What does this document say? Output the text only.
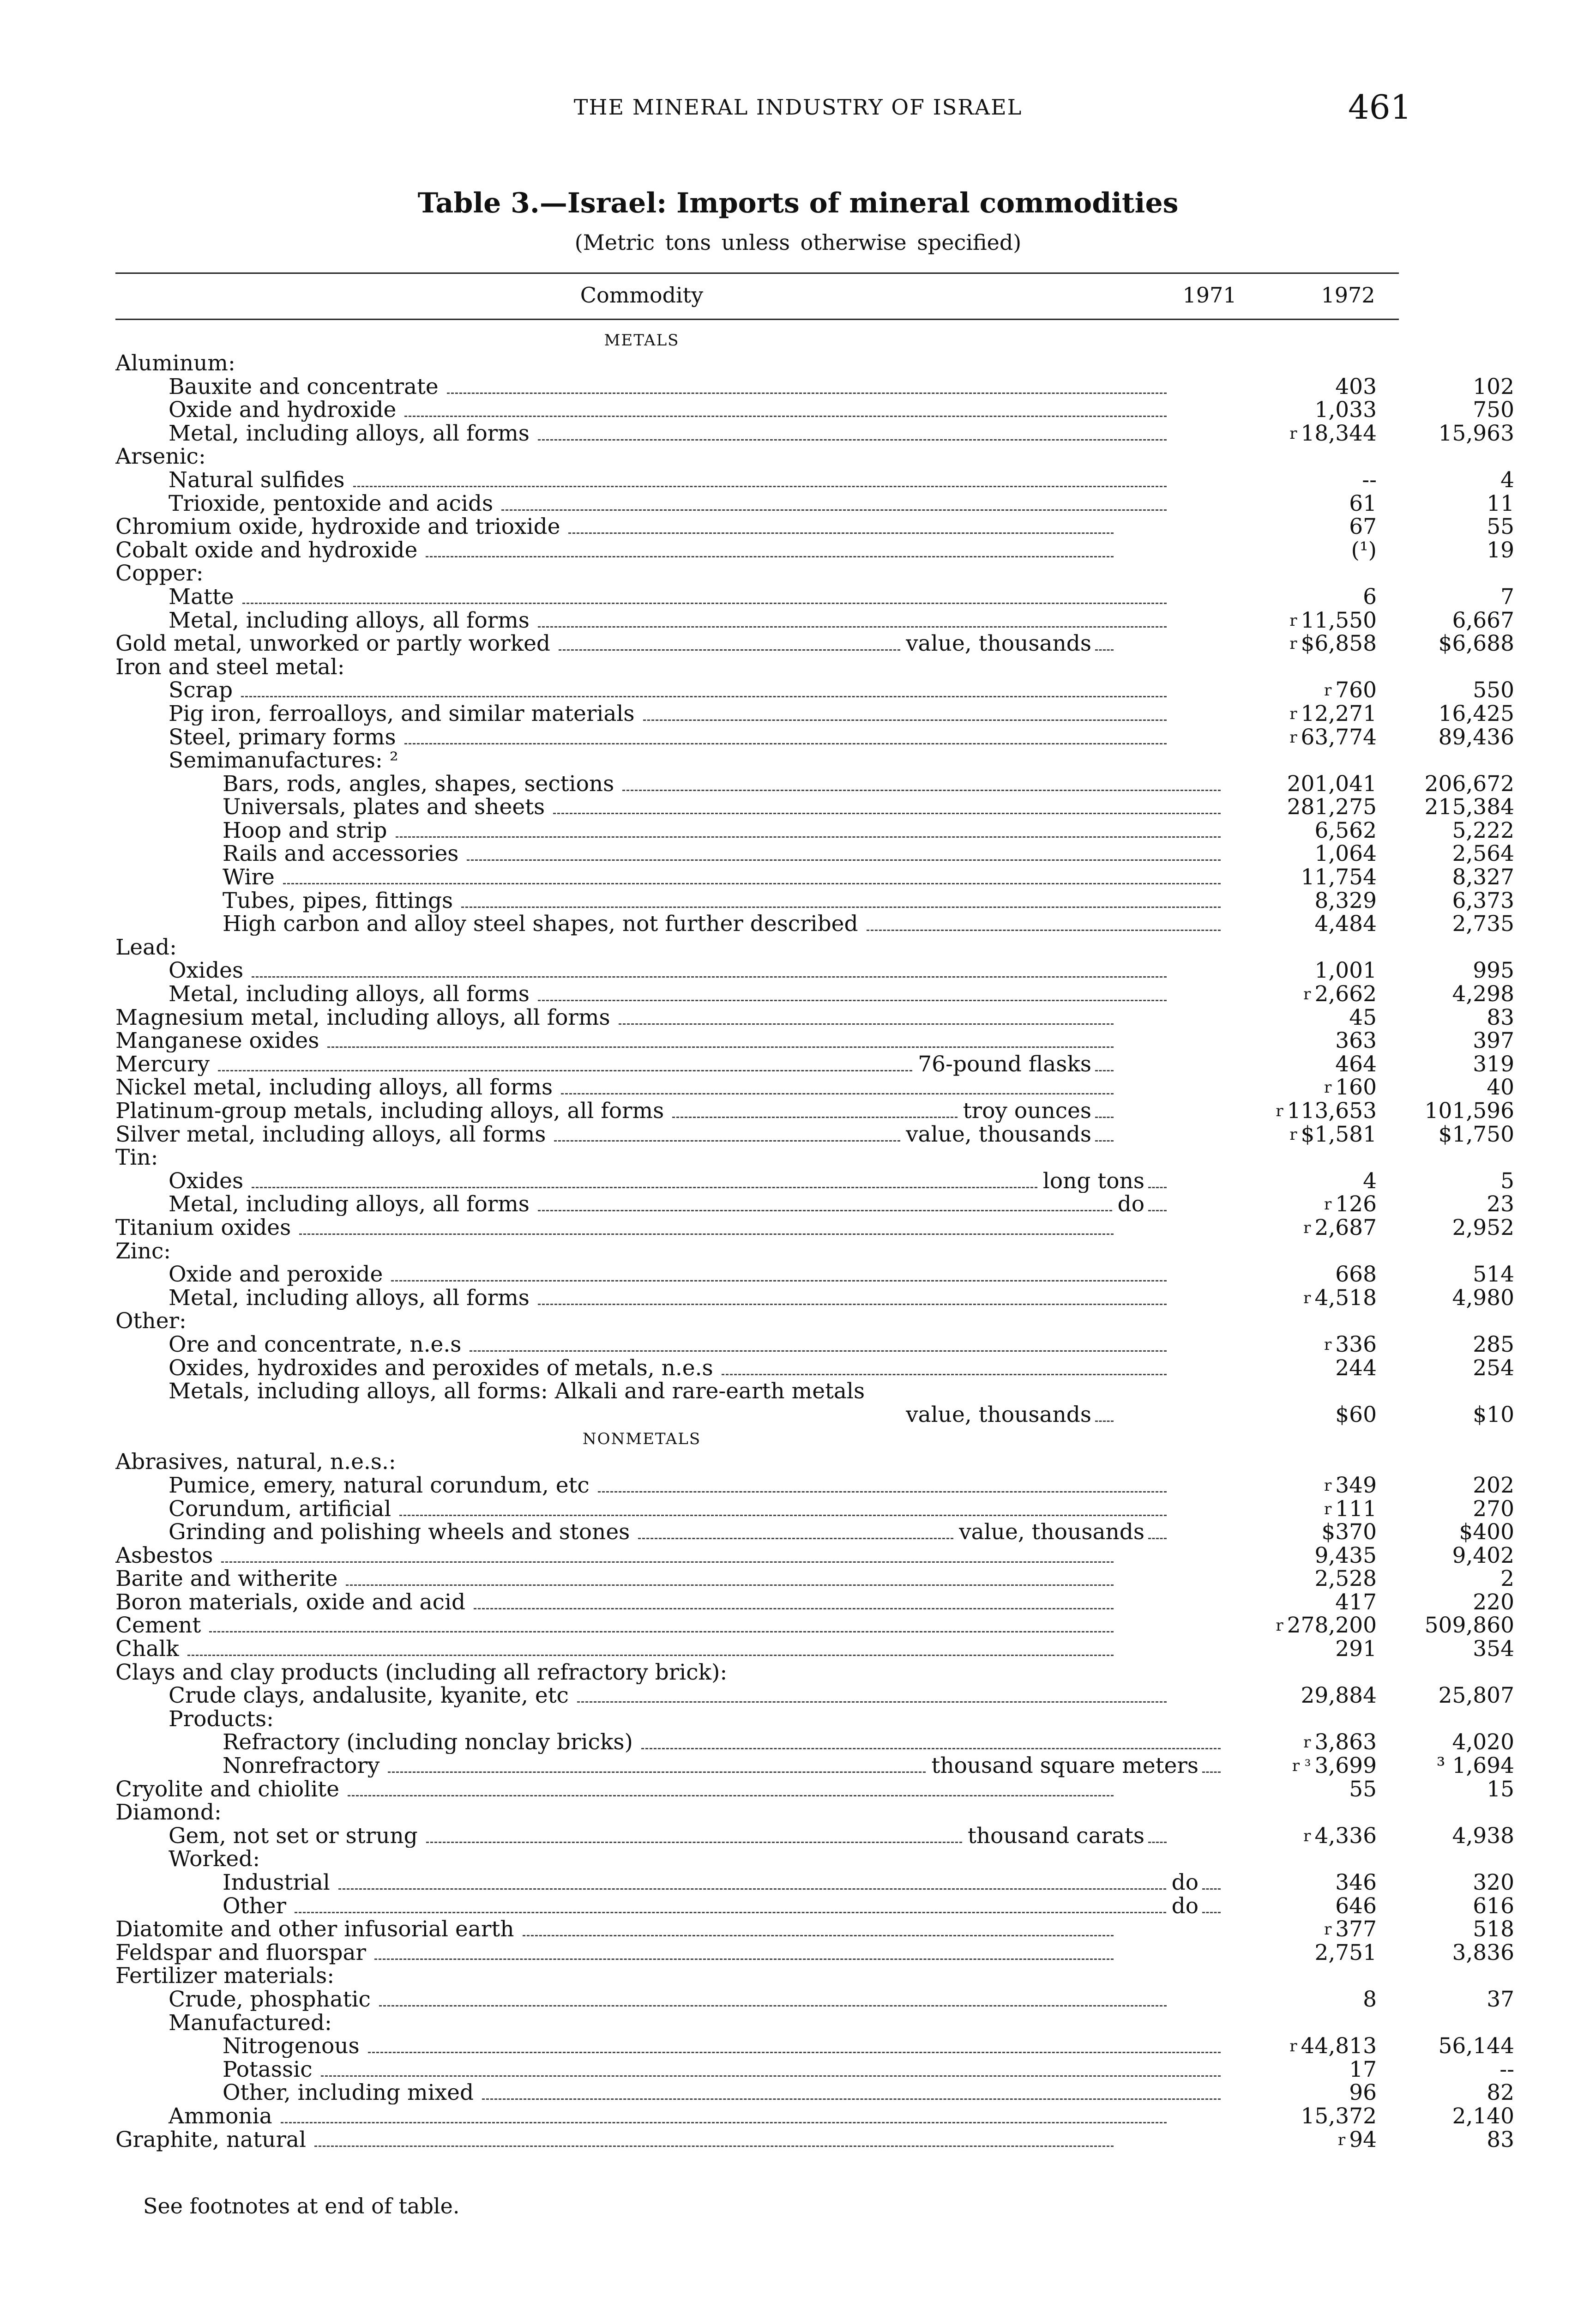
THE MINERAL INDUSTRY OF ISRAEL	461
Table 3.—Israel: Imports of mineral commodities
(Metric tons unless otherwise specified)
Commodity	1971	1972
METALS
Aluminum:
Bauxite and concentrate	403	102
Oxide and hydroxide	1,033	750
Metal, including alloys, all forms	$^r$ 18,344	15,963
Arsenic:
Natural sulfides	--	4
Trioxide, pentoxide and acids	61	11
Chromium oxide, hydroxide and trioxide	67	55
Cobalt oxide and hydroxide	(¹)	19
Copper:
Matte	6	7
Metal, including alloys, all forms	$^r$ 11,550	6,667
Gold metal, unworked or partly worked	value, thousands	$^r$ $6,858	$6,688
Iron and steel metal:
Scrap	$^r$ 760	550
Pig iron, ferroalloys, and similar materials	$^r$ 12,271	16,425
Steel, primary forms	$^r$ 63,774	89,436
Semimanufactures: ²
Bars, rods, angles, shapes, sections	201,041	206,672
Universals, plates and sheets	281,275	215,384
Hoop and strip	6,562	5,222
Rails and accessories	1,064	2,564
Wire	11,754	8,327
Tubes, pipes, fittings	8,329	6,373
High carbon and alloy steel shapes, not further described	4,484	2,735
Lead:
Oxides	1,001	995
Metal, including alloys, all forms	$^r$ 2,662	4,298
Magnesium metal, including alloys, all forms	45	83
Manganese oxides	363	397
Mercury	76-pound flasks	464	319
Nickel metal, including alloys, all forms	$^r$ 160	40
Platinum-group metals, including alloys, all forms	troy ounces	$^r$ 113,653	101,596
Silver metal, including alloys, all forms	value, thousands	$^r$ $1,581	$1,750
Tin:
Oxides	long tons	4	5
Metal, including alloys, all forms	do	$^r$ 126	23
Titanium oxides	$^r$ 2,687	2,952
Zinc:
Oxide and peroxide	668	514
Metal, including alloys, all forms	$^r$ 4,518	4,980
Other:
Ore and concentrate, n.e.s	$^r$ 336	285
Oxides, hydroxides and peroxides of metals, n.e.s	244	254
Metals, including alloys, all forms: Alkali and rare-earth metals
value, thousands	$60	$10
NONMETALS
Abrasives, natural, n.e.s.:
Pumice, emery, natural corundum, etc	$^r$ 349	202
Corundum, artificial	$^r$ 111	270
Grinding and polishing wheels and stones	value, thousands	$370	$400
Asbestos	9,435	9,402
Barite and witherite	2,528	2
Boron materials, oxide and acid	417	220
Cement	$^r$ 278,200	509,860
Chalk	291	354
Clays and clay products (including all refractory brick):
Crude clays, andalusite, kyanite, etc	29,884	25,807
Products:
Refractory (including nonclay bricks)	$^r$ 3,863	4,020
Nonrefractory	thousand square meters	$^{r ^3}$ 3,699	³ 1,694
Cryolite and chiolite	55	15
Diamond:
Gem, not set or strung	thousand carats	$^r$ 4,336	4,938
Worked:
Industrial	do	346	320
Other	do	646	616
Diatomite and other infusorial earth	$^r$ 377	518
Feldspar and fluorspar	2,751	3,836
Fertilizer materials:
Crude, phosphatic	8	37
Manufactured:
Nitrogenous	$^r$ 44,813	56,144
Potassic	17	--
Other, including mixed	96	82
Ammonia	15,372	2,140
Graphite, natural	$^r$ 94	83
See footnotes at end of table.
